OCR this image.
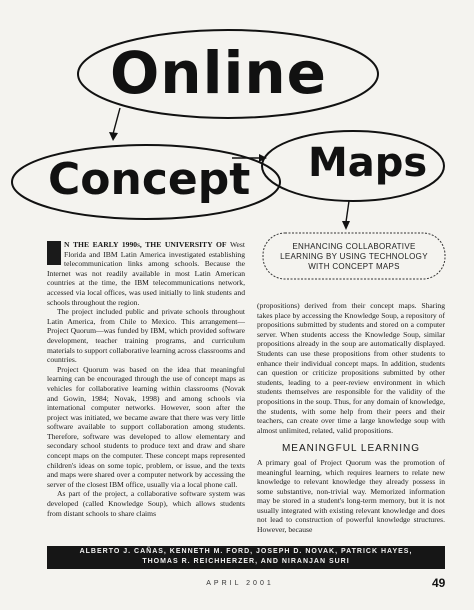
Online
Concept Maps
ENHANCING COLLABORATIVE
LEARNING BY USING TECHNOLOGY
WITH CONCEPT MAPS

N THE EARLY 1990s, THE UNIVERSITY OF West Florida and IBM Latin America investigated establishing telecommunication links among schools. Because the Internet was not readily available in most Latin American countries at the time, the IBM telecommunications network, accessed via local offices, was used initially to link students and schools throughout the region.

The project included public and private schools throughout Latin America, from Chile to Mexico. This arrangement—Project Quorum—was funded by IBM, which provided software development, teacher training programs, and curriculum materials to support collaborative learning across classrooms and countries.

Project Quorum was based on the idea that meaningful learning can be encouraged through the use of concept maps as vehicles for collaborative learning within classrooms (Novak and Gowin, 1984; Novak, 1998) and among schools via international computer networks. However, soon after the project was initiated, we became aware that there was very little software available to support collaboration among students. Therefore, software was developed to allow elementary and secondary school students to produce text and draw and share concept maps on the computer. These concept maps represented children's ideas on some topic, problem, or issue, and the texts and maps were shared over a computer network by accessing the server of the closest IBM office, usually via a local phone call.

As part of the project, a collaborative software system was developed (called Knowledge Soup), which allows students from distant schools to share claims

(propositions) derived from their concept maps. Sharing takes place by accessing the Knowledge Soup, a repository of propositions submitted by students and stored on a computer server. When students access the Knowledge Soup, similar propositions already in the soup are automatically displayed. Students can use these propositions from other students to enhance their individual concept maps. In addition, students can question or criticize propositions submitted by other students, leading to a peer-review environment in which students themselves are responsible for the validity of the propositions in the soup. Thus, for any domain of knowledge, the students, with some help from their peers and their teachers, can create over time a large knowledge soup with almost unlimited, related, valid propositions.

MEANINGFUL LEARNING

A primary goal of Project Quorum was the promotion of meaningful learning, which requires learners to relate new knowledge to relevant knowledge they already possess in some substantive, non-trivial way. Memorized information may be stored in a student's long-term memory, but it is not usually integrated with existing relevant knowledge and does not lead to construction of powerful knowledge structures. However, because

ALBERTO J. CAÑAS, KENNETH M. FORD, JOSEPH D. NOVAK, PATRICK HAYES,
THOMAS R. REICHHERZER, AND NIRANJAN SURI
APRIL 2001	49
